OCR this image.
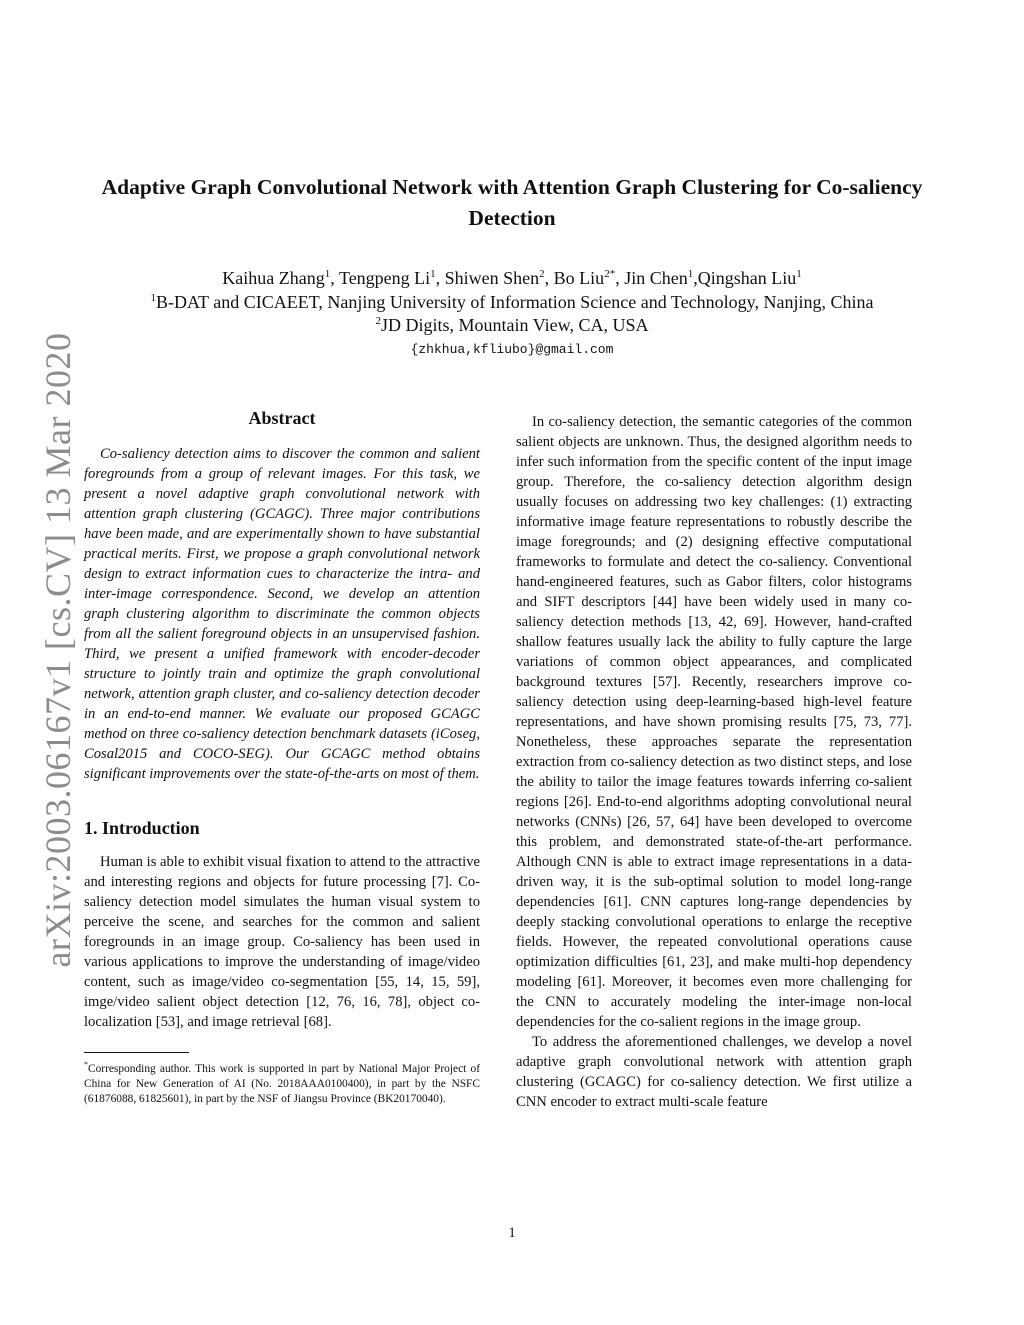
arXiv:2003.06167v1 [cs.CV] 13 Mar 2020
Adaptive Graph Convolutional Network with Attention Graph Clustering for Co-saliency Detection
Kaihua Zhang$^1$, Tengpeng Li$^1$, Shiwen Shen$^2$, Bo Liu$^{2*}$, Jin Chen$^1$,Qingshan Liu$^1$
$^1$B-DAT and CICAEET, Nanjing University of Information Science and Technology, Nanjing, China
$^2$JD Digits, Mountain View, CA, USA
{zhkhua,kfliubo}@gmail.com
Abstract

Co-saliency detection aims to discover the common and salient foregrounds from a group of relevant images. For this task, we present a novel adaptive graph convolutional network with attention graph clustering (GCAGC). Three major contributions have been made, and are experimentally shown to have substantial practical merits. First, we propose a graph convolutional network design to extract information cues to characterize the intra- and inter-image correspondence. Second, we develop an attention graph clustering algorithm to discriminate the common objects from all the salient foreground objects in an unsupervised fashion. Third, we present a unified framework with encoder-decoder structure to jointly train and optimize the graph convolutional network, attention graph cluster, and co-saliency detection decoder in an end-to-end manner. We evaluate our proposed GCAGC method on three co-saliency detection benchmark datasets (iCoseg, Cosal2015 and COCO-SEG). Our GCAGC method obtains significant improvements over the state-of-the-arts on most of them.

1. Introduction

Human is able to exhibit visual fixation to attend to the attractive and interesting regions and objects for future processing [7]. Co-saliency detection model simulates the human visual system to perceive the scene, and searches for the common and salient foregrounds in an image group. Co-saliency has been used in various applications to improve the understanding of image/video content, such as image/video co-segmentation [55, 14, 15, 59], imge/video salient object detection [12, 76, 16, 78], object co-localization [53], and image retrieval [68].

*Corresponding author. This work is supported in part by National Major Project of China for New Generation of AI (No. 2018AAA0100400), in part by the NSFC (61876088, 61825601), in part by the NSF of Jiangsu Province (BK20170040).

In co-saliency detection, the semantic categories of the common salient objects are unknown. Thus, the designed algorithm needs to infer such information from the specific content of the input image group. Therefore, the co-saliency detection algorithm design usually focuses on addressing two key challenges: (1) extracting informative image feature representations to robustly describe the image foregrounds; and (2) designing effective computational frameworks to formulate and detect the co-saliency. Conventional hand-engineered features, such as Gabor filters, color histograms and SIFT descriptors [44] have been widely used in many co-saliency detection methods [13, 42, 69]. However, hand-crafted shallow features usually lack the ability to fully capture the large variations of common object appearances, and complicated background textures [57]. Recently, researchers improve co-saliency detection using deep-learning-based high-level feature representations, and have shown promising results [75, 73, 77]. Nonetheless, these approaches separate the representation extraction from co-saliency detection as two distinct steps, and lose the ability to tailor the image features towards inferring co-salient regions [26]. End-to-end algorithms adopting convolutional neural networks (CNNs) [26, 57, 64] have been developed to overcome this problem, and demonstrated state-of-the-art performance. Although CNN is able to extract image representations in a data-driven way, it is the sub-optimal solution to model long-range dependencies [61]. CNN captures long-range dependencies by deeply stacking convolutional operations to enlarge the receptive fields. However, the repeated convolutional operations cause optimization difficulties [61, 23], and make multi-hop dependency modeling [61]. Moreover, it becomes even more challenging for the CNN to accurately modeling the inter-image non-local dependencies for the co-salient regions in the image group.

To address the aforementioned challenges, we develop a novel adaptive graph convolutional network with attention graph clustering (GCAGC) for co-saliency detection. We first utilize a CNN encoder to extract multi-scale feature

1
